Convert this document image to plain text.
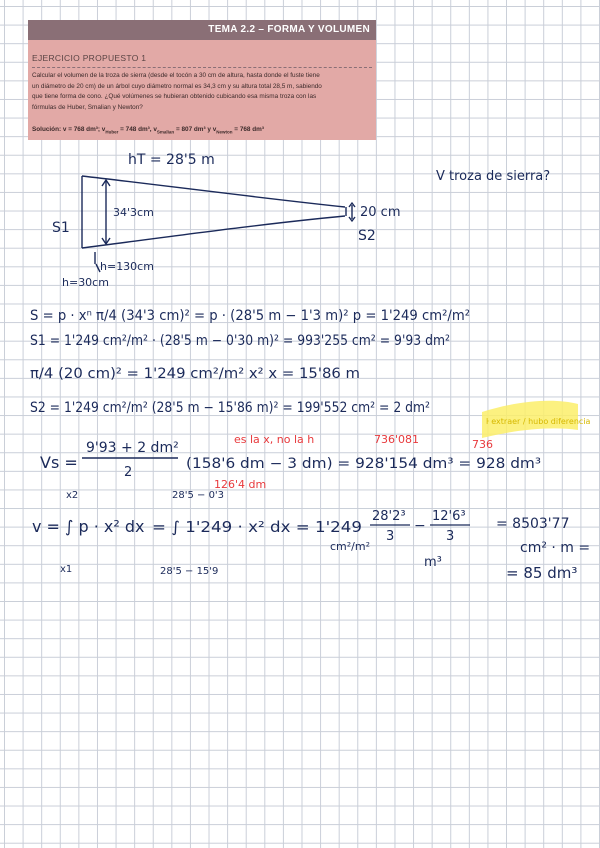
TEMA 2.2 – FORMA Y VOLUMEN
EJERCICIO PROPUESTO 1
Calcular el volumen de la troza de sierra (desde el tocón a 30 cm de altura, hasta donde el fuste tiene
un diámetro de 20 cm) de un árbol cuyo diámetro normal es 34,3 cm y su altura total 28,5 m, sabiendo
que tiene forma de cono. ¿Qué volúmenes se hubieran obtenido cubicando esa misma troza con las
fórmulas de Huber, Smalian y Newton?
Solución: v = 768 dm³; $v_{Huber} = 748$ dm³, $v_{Smalian} = 807$ dm³ y $v_{Newton} = 768$ dm³
hT = 28'5 m
V troza de sierra?
34'3cm	20 cm
S1	S2
h=130cm
h=30cm
S = p · xⁿ π/4 (34'3 cm)² = p · (28'5 m − 1'3 m)² p = 1'249 cm²/m²
S1 = 1'249 cm²/m² · (28'5 m − 0'30 m)² = 993'255 cm² = 9'93 dm²
π/4 (20 cm)² = 1'249 cm²/m² x² x = 15'86 m
S2 = 1'249 cm²/m² (28'5 m − 15'86 m)² = 199'552 cm² = 2 dm²
Vs =
9'93 + 2 dm²
2
(158'6 dm − 3 dm) = 928'154 dm³ = 928 dm³
x2
x1
v = ∫ p · x² dx
28'5 − 0'3
28'5 − 15'9
= ∫ 1'249 · x² dx = 1'249
28'2³
3
−
12'6³
3
= 8503'77
cm² · m =
cm²/m²
m³
= 85 dm³
es la x, no la h	736'081
126'4 dm
736
ŀ extraer / hubo diferencia
